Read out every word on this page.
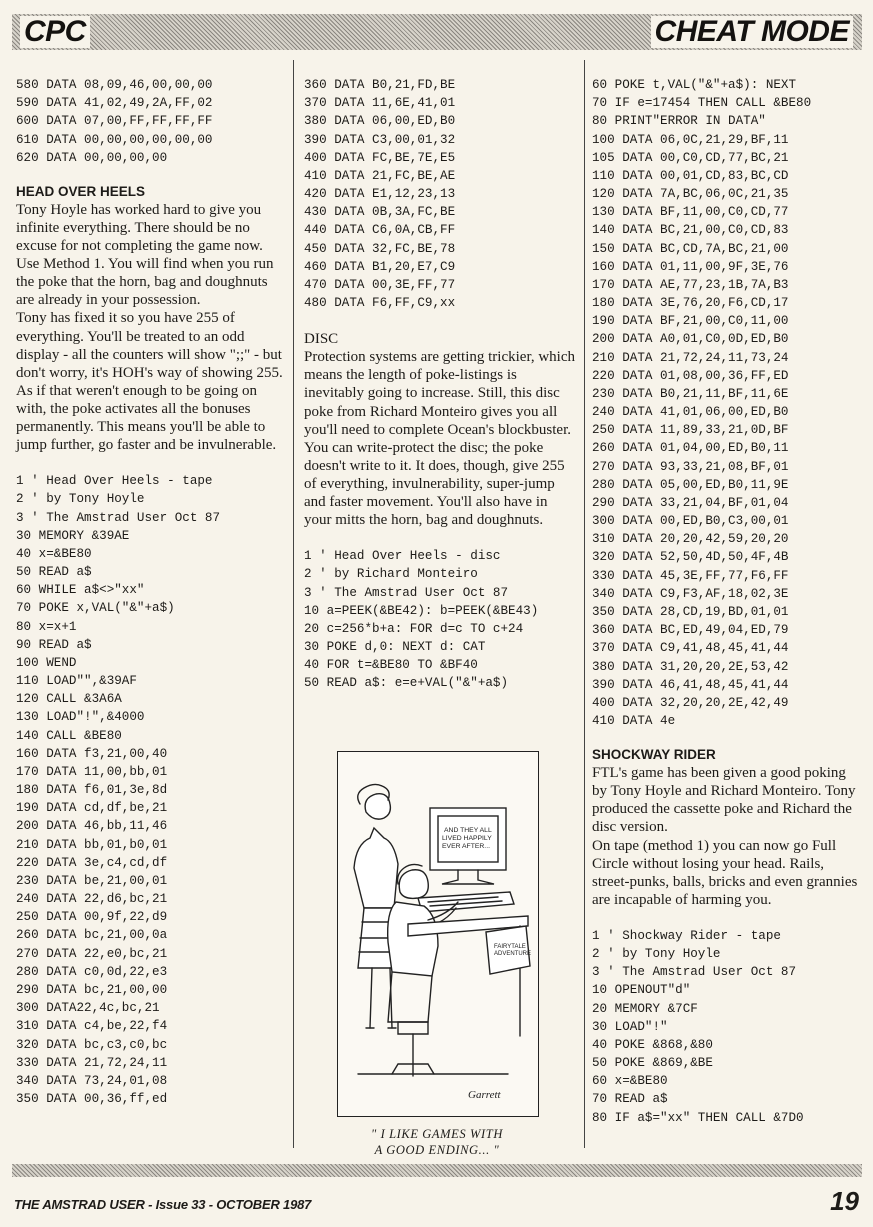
CPC	CHEAT MODE
580 DATA 08,09,46,00,00,00
590 DATA 41,02,49,2A,FF,02
600 DATA 07,00,FF,FF,FF,FF
610 DATA 00,00,00,00,00,00
620 DATA 00,00,00,00
HEAD OVER HEELS

Tony Hoyle has worked hard to give you infinite everything. There should be no excuse for not completing the game now. Use Method 1. You will find when you run the poke that the horn, bag and doughnuts are already in your possession.

Tony has fixed it so you have 255 of everything. You'll be treated to an odd display - all the counters will show ";;" - but don't worry, it's HOH's way of showing 255. As if that weren't enough to be going on with, the poke activates all the bonuses permanently. This means you'll be able to jump further, go faster and be invulnerable.

1 ' Head Over Heels - tape
2 ' by Tony Hoyle
3 ' The Amstrad User Oct 87
30 MEMORY &39AE
40 x=&BE80
50 READ a$
60 WHILE a$<>"xx"
70 POKE x,VAL("&"+a$)
80 x=x+1
90 READ a$
100 WEND
110 LOAD"",&39AF
120 CALL &3A6A
130 LOAD"!",&4000
140 CALL &BE80
160 DATA f3,21,00,40
170 DATA 11,00,bb,01
180 DATA f6,01,3e,8d
190 DATA cd,df,be,21
200 DATA 46,bb,11,46
210 DATA bb,01,b0,01
220 DATA 3e,c4,cd,df
230 DATA be,21,00,01
240 DATA 22,d6,bc,21
250 DATA 00,9f,22,d9
260 DATA bc,21,00,0a
270 DATA 22,e0,bc,21
280 DATA c0,0d,22,e3
290 DATA bc,21,00,00
300 DATA22,4c,bc,21
310 DATA c4,be,22,f4
320 DATA bc,c3,c0,bc
330 DATA 21,72,24,11
340 DATA 73,24,01,08
350 DATA 00,36,ff,ed
360 DATA B0,21,FD,BE
370 DATA 11,6E,41,01
380 DATA 06,00,ED,B0
390 DATA C3,00,01,32
400 DATA FC,BE,7E,E5
410 DATA 21,FC,BE,AE
420 DATA E1,12,23,13
430 DATA 0B,3A,FC,BE
440 DATA C6,0A,CB,FF
450 DATA 32,FC,BE,78
460 DATA B1,20,E7,C9
470 DATA 00,3E,FF,77
480 DATA F6,FF,C9,xx
DISC

Protection systems are getting trickier, which means the length of poke-listings is inevitably going to increase. Still, this disc poke from Richard Monteiro gives you all you'll need to complete Ocean's blockbuster.

You can write-protect the disc; the poke doesn't write to it. It does, though, give 255 of everything, invulnerability, super-jump and faster movement. You'll also have in your mitts the horn, bag and doughnuts.

1 ' Head Over Heels - disc
2 ' by Richard Monteiro
3 ' The Amstrad User Oct 87
10 a=PEEK(&BE42): b=PEEK(&BE43)
20 c=256*b+a: FOR d=c TO c+24
30 POKE d,0: NEXT d: CAT
40 FOR t=&BE80 TO &BF40
50 READ a$: e=e+VAL("&"+a$)
AND THEY ALL LIVED HAPPILY EVER AFTER...
FAIRYTALE ADVENTURE
Garrett
" I LIKE GAMES WITH
A GOOD ENDING... "
60 POKE t,VAL("&"+a$): NEXT
70 IF e=17454 THEN CALL &BE80
80 PRINT"ERROR IN DATA"
100 DATA 06,0C,21,29,BF,11
105 DATA 00,C0,CD,77,BC,21
110 DATA 00,01,CD,83,BC,CD
120 DATA 7A,BC,06,0C,21,35
130 DATA BF,11,00,C0,CD,77
140 DATA BC,21,00,C0,CD,83
150 DATA BC,CD,7A,BC,21,00
160 DATA 01,11,00,9F,3E,76
170 DATA AE,77,23,1B,7A,B3
180 DATA 3E,76,20,F6,CD,17
190 DATA BF,21,00,C0,11,00
200 DATA A0,01,C0,0D,ED,B0
210 DATA 21,72,24,11,73,24
220 DATA 01,08,00,36,FF,ED
230 DATA B0,21,11,BF,11,6E
240 DATA 41,01,06,00,ED,B0
250 DATA 11,89,33,21,0D,BF
260 DATA 01,04,00,ED,B0,11
270 DATA 93,33,21,08,BF,01
280 DATA 05,00,ED,B0,11,9E
290 DATA 33,21,04,BF,01,04
300 DATA 00,ED,B0,C3,00,01
310 DATA 20,20,42,59,20,20
320 DATA 52,50,4D,50,4F,4B
330 DATA 45,3E,FF,77,F6,FF
340 DATA C9,F3,AF,18,02,3E
350 DATA 28,CD,19,BD,01,01
360 DATA BC,ED,49,04,ED,79
370 DATA C9,41,48,45,41,44
380 DATA 31,20,20,2E,53,42
390 DATA 46,41,48,45,41,44
400 DATA 32,20,20,2E,42,49
410 DATA 4e
SHOCKWAY RIDER

FTL's game has been given a good poking by Tony Hoyle and Richard Monteiro. Tony produced the cassette poke and Richard the disc version.

On tape (method 1) you can now go Full Circle without losing your head. Rails, street-punks, balls, bricks and even grannies are incapable of harming you.

1 ' Shockway Rider - tape
2 ' by Tony Hoyle
3 ' The Amstrad User Oct 87
10 OPENOUT"d"
20 MEMORY &7CF
30 LOAD"!"
40 POKE &868,&80
50 POKE &869,&BE
60 x=&BE80
70 READ a$
80 IF a$="xx" THEN CALL &7D0
THE AMSTRAD USER - Issue 33 - OCTOBER 1987	19
